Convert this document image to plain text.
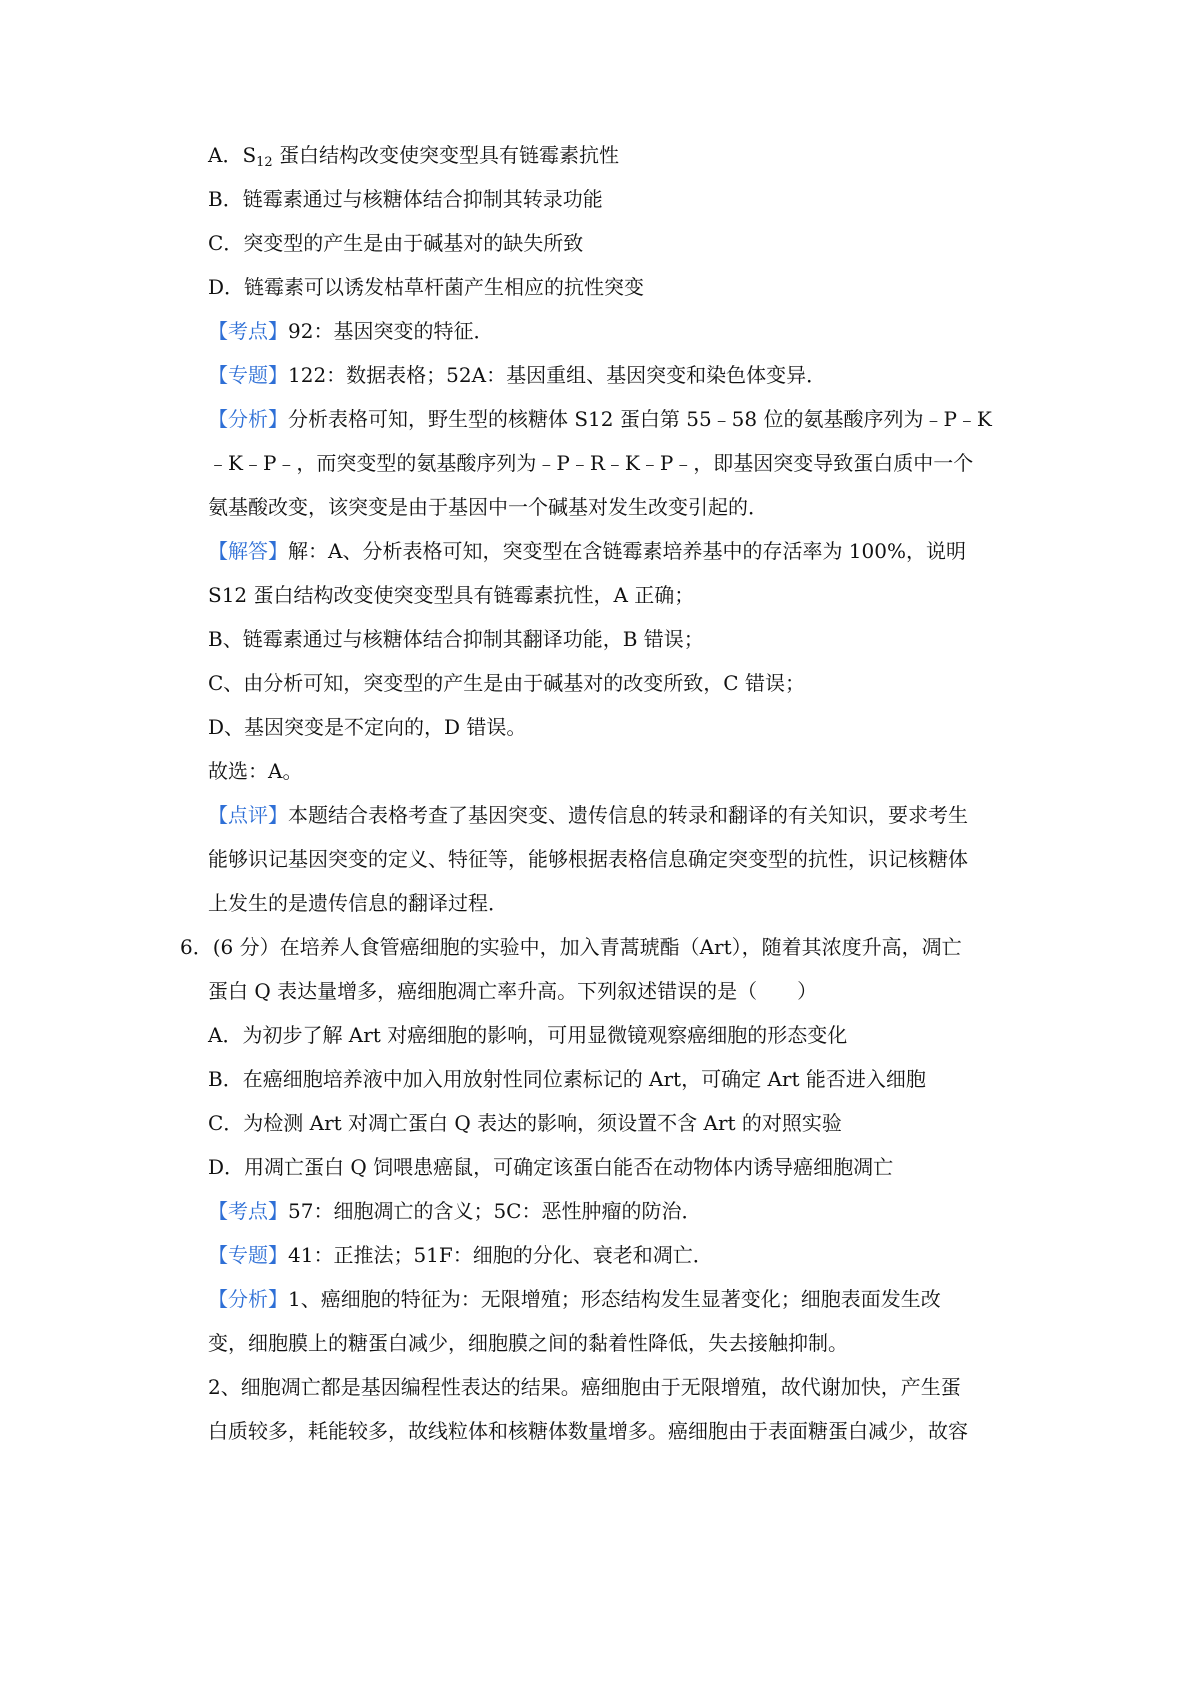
A．$S_{12}$ 蛋白结构改变使突变型具有链霉素抗性
B．链霉素通过与核糖体结合抑制其转录功能
C．突变型的产生是由于碱基对的缺失所致
D．链霉素可以诱发枯草杆菌产生相应的抗性突变
【考点】92：基因突变的特征．
【专题】122：数据表格；52A：基因重组、基因突变和染色体变异．
【分析】分析表格可知，野生型的核糖体 S12 蛋白第 55﹣58 位的氨基酸序列为﹣P﹣K
﹣K﹣P﹣，而突变型的氨基酸序列为﹣P﹣R﹣K﹣P﹣，即基因突变导致蛋白质中一个
氨基酸改变，该突变是由于基因中一个碱基对发生改变引起的．
【解答】解：A、分析表格可知，突变型在含链霉素培养基中的存活率为 100%，说明
S12 蛋白结构改变使突变型具有链霉素抗性，A 正确；
B、链霉素通过与核糖体结合抑制其翻译功能，B 错误；
C、由分析可知，突变型的产生是由于碱基对的改变所致，C 错误；
D、基因突变是不定向的，D 错误。
故选：A。
【点评】本题结合表格考查了基因突变、遗传信息的转录和翻译的有关知识，要求考生
能够识记基因突变的定义、特征等，能够根据表格信息确定突变型的抗性，识记核糖体
上发生的是遗传信息的翻译过程．
6．(6 分）在培养人食管癌细胞的实验中，加入青蒿琥酯（Art），随着其浓度升高，凋亡
蛋白 Q 表达量增多，癌细胞凋亡率升高。下列叙述错误的是（　　）
A．为初步了解 Art 对癌细胞的影响，可用显微镜观察癌细胞的形态变化
B．在癌细胞培养液中加入用放射性同位素标记的 Art，可确定 Art 能否进入细胞
C．为检测 Art 对凋亡蛋白 Q 表达的影响，须设置不含 Art 的对照实验
D．用凋亡蛋白 Q 饲喂患癌鼠，可确定该蛋白能否在动物体内诱导癌细胞凋亡
【考点】57：细胞凋亡的含义；5C：恶性肿瘤的防治．
【专题】41：正推法；51F：细胞的分化、衰老和凋亡．
【分析】1、癌细胞的特征为：无限增殖；形态结构发生显著变化；细胞表面发生改
变，细胞膜上的糖蛋白减少，细胞膜之间的黏着性降低，失去接触抑制。
2、细胞凋亡都是基因编程性表达的结果。癌细胞由于无限增殖，故代谢加快，产生蛋
白质较多，耗能较多，故线粒体和核糖体数量增多。癌细胞由于表面糖蛋白减少，故容
